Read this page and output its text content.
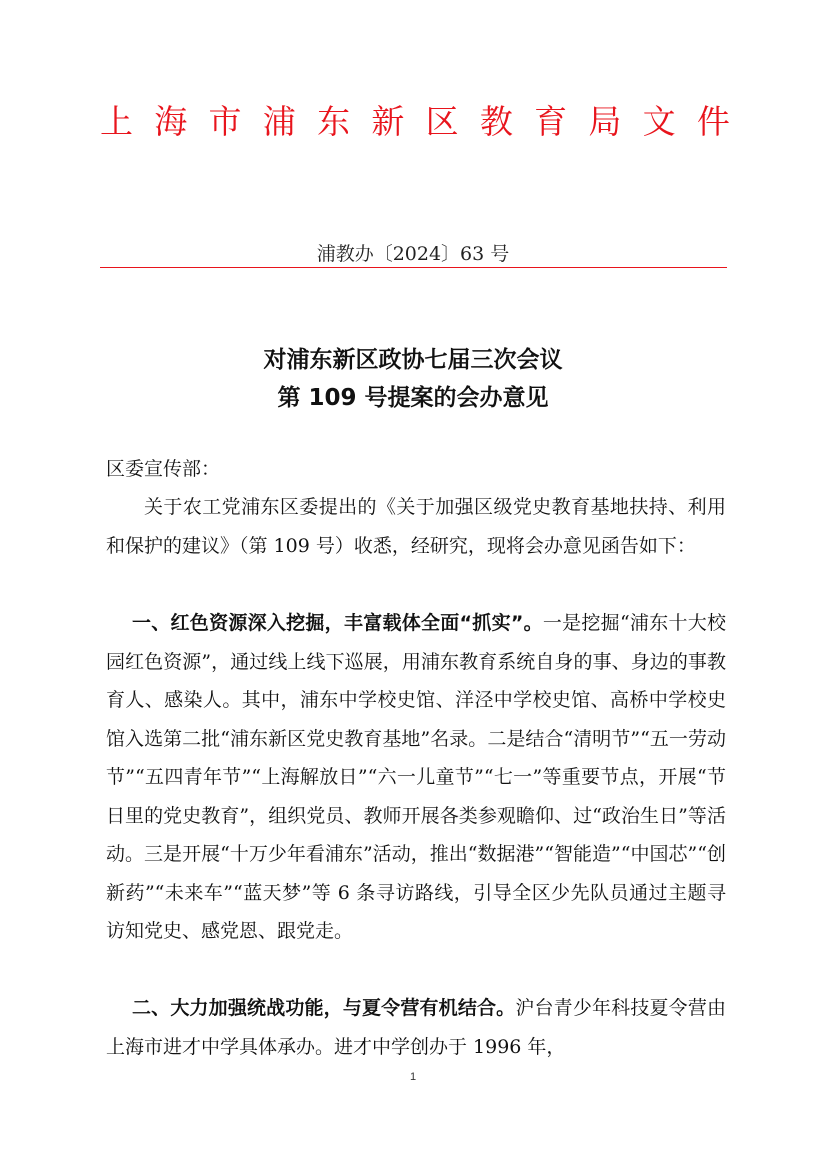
上 海 市 浦 东 新 区 教 育 局 文 件
浦教办〔2024〕63 号
对浦东新区政协七届三次会议
第 109 号提案的会办意见
区委宣传部：
关于农工党浦东区委提出的《关于加强区级党史教育基地扶持、利用和保护的建议》（第 109 号）收悉，经研究，现将会办意见函告如下：
一、红色资源深入挖掘，丰富载体全面“抓实”。一是挖掘“浦东十大校园红色资源”，通过线上线下巡展，用浦东教育系统自身的事、身边的事教育人、感染人。其中，浦东中学校史馆、洋泾中学校史馆、高桥中学校史馆入选第二批“浦东新区党史教育基地”名录。二是结合“清明节”“五一劳动节”“五四青年节”“上海解放日”“六一儿童节”“七一”等重要节点，开展“节日里的党史教育”，组织党员、教师开展各类参观瞻仰、过“政治生日”等活动。三是开展“十万少年看浦东”活动，推出“数据港”“智能造”“中国芯”“创新药”“未来车”“蓝天梦”等 6 条寻访路线，引导全区少先队员通过主题寻访知党史、感党恩、跟党走。
二、大力加强统战功能，与夏令营有机结合。沪台青少年科技夏令营由上海市进才中学具体承办。进才中学创办于 1996 年，
1
